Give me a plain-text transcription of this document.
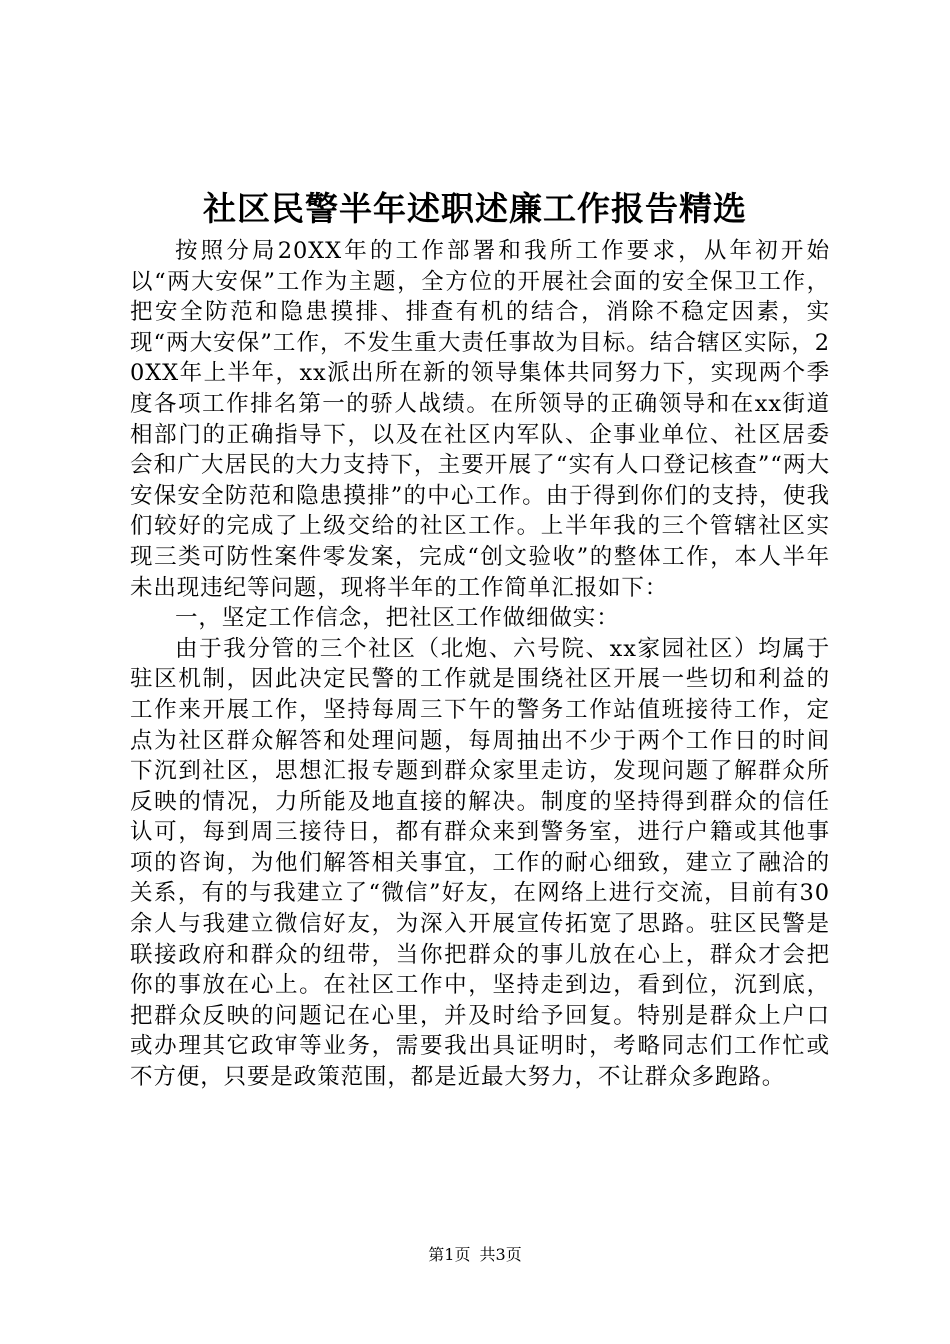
社区民警半年述职述廉工作报告精选

按照分局20XX年的工作部署和我所工作要求，从年初开始以“两大安保”工作为主题，全方位的开展社会面的安全保卫工作，把安全防范和隐患摸排、排查有机的结合，消除不稳定因素，实现“两大安保”工作，不发生重大责任事故为目标。结合辖区实际，20XX年上半年，xx派出所在新的领导集体共同努力下，实现两个季度各项工作排名第一的骄人战绩。在所领导的正确领导和在xx街道相部门的正确指导下，以及在社区内军队、企事业单位、社区居委会和广大居民的大力支持下，主要开展了“实有人口登记核查”“两大安保安全防范和隐患摸排”的中心工作。由于得到你们的支持，使我们较好的完成了上级交给的社区工作。上半年我的三个管辖社区实现三类可防性案件零发案，完成“创文验收”的整体工作，本人半年未出现违纪等问题，现将半年的工作简单汇报如下：

一，坚定工作信念，把社区工作做细做实：

由于我分管的三个社区（北炮、六号院、xx家园社区）均属于驻区机制，因此决定民警的工作就是围绕社区开展一些切和利益的工作来开展工作，坚持每周三下午的警务工作站值班接待工作，定点为社区群众解答和处理问题，每周抽出不少于两个工作日的时间下沉到社区，思想汇报专题到群众家里走访，发现问题了解群众所反映的情况，力所能及地直接的解决。制度的坚持得到群众的信任认可，每到周三接待日，都有群众来到警务室，进行户籍或其他事项的咨询，为他们解答相关事宜，工作的耐心细致，建立了融洽的关系，有的与我建立了“微信”好友，在网络上进行交流，目前有30余人与我建立微信好友，为深入开展宣传拓宽了思路。驻区民警是联接政府和群众的纽带，当你把群众的事儿放在心上，群众才会把你的事放在心上。在社区工作中，坚持走到边，看到位，沉到底，把群众反映的问题记在心里，并及时给予回复。特别是群众上户口或办理其它政审等业务，需要我出具证明时，考略同志们工作忙或不方便，只要是政策范围，都是近最大努力，不让群众多跑路。

第1页 共3页
